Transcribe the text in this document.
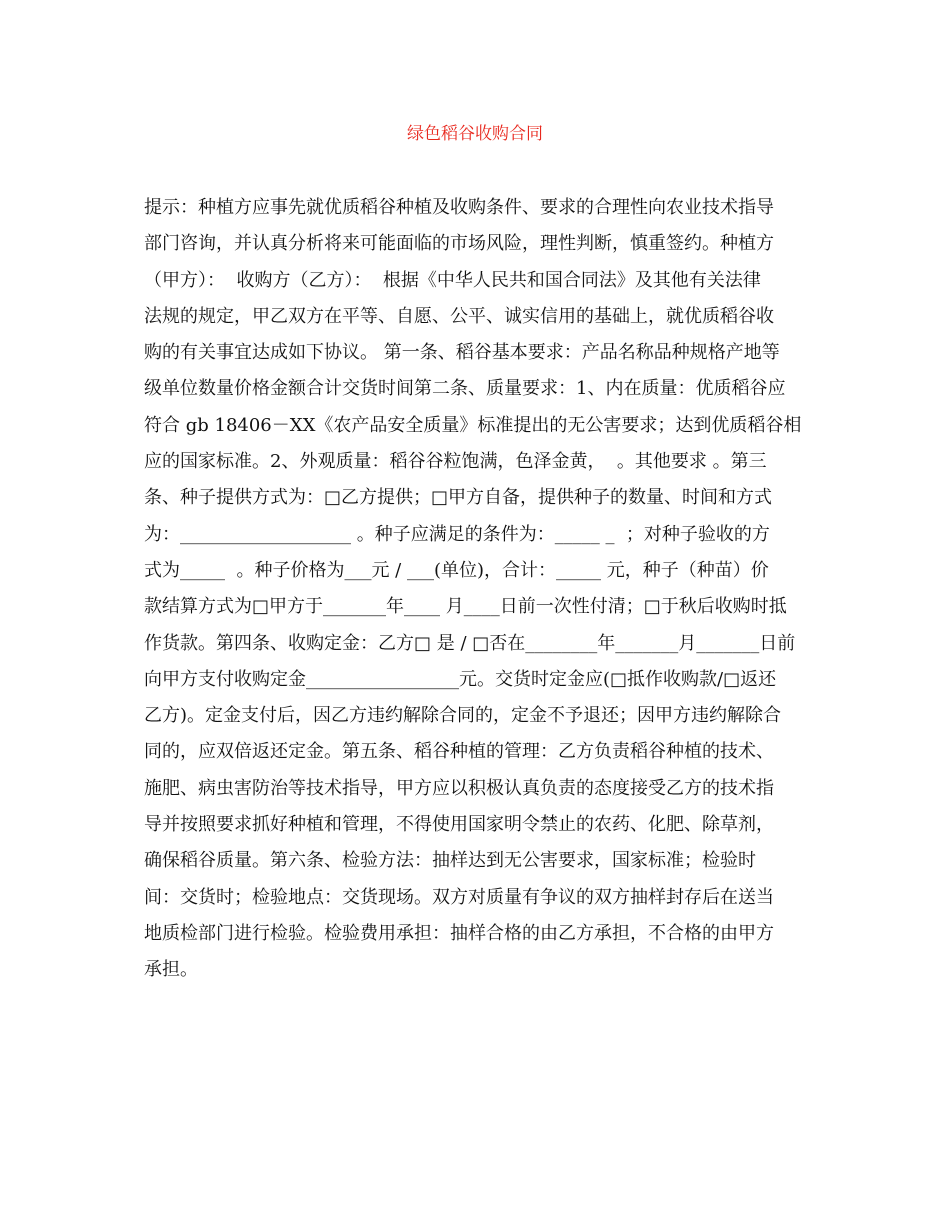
绿色稻谷收购合同
提示：种植方应事先就优质稻谷种植及收购条件、要求的合理性向农业技术指导
部门咨询，并认真分析将来可能面临的市场风险，理性判断，慎重签约。种植方
（甲方）：  收购方（乙方）：  根据《中华人民共和国合同法》及其他有关法律
法规的规定，甲乙双方在平等、自愿、公平、诚实信用的基础上，就优质稻谷收
购的有关事宜达成如下协议。 第一条、稻谷基本要求：产品名称品种规格产地等
级单位数量价格金额合计交货时间第二条、质量要求：1、内在质量：优质稻谷应
符合 gb 18406－XX《农产品安全质量》标准提出的无公害要求；达到优质稻谷相
应的国家标准。2、外观质量：稻谷谷粒饱满，色泽金黄，  。其他要求 。第三
条、种子提供方式为：□乙方提供；□甲方自备，提供种子的数量、时间和方式
为：___________________ 。种子应满足的条件为：_____ _  ；对种子验收的方
式为_____  。种子价格为___元 / ___(单位)，合计：_____ 元，种子（种苗）价
款结算方式为□甲方于_______年____ 月____日前一次性付清；□于秋后收购时抵
作货款。第四条、收购定金：乙方□ 是 / □否在________年_______月_______日前
向甲方支付收购定金_________________元。交货时定金应(□抵作收购款/□返还
乙方)。定金支付后，因乙方违约解除合同的，定金不予退还；因甲方违约解除合
同的，应双倍返还定金。第五条、稻谷种植的管理：乙方负责稻谷种植的技术、
施肥、病虫害防治等技术指导，甲方应以积极认真负责的态度接受乙方的技术指
导并按照要求抓好种植和管理，不得使用国家明令禁止的农药、化肥、除草剂，
确保稻谷质量。第六条、检验方法：抽样达到无公害要求，国家标准；检验时
间：交货时；检验地点：交货现场。双方对质量有争议的双方抽样封存后在送当
地质检部门进行检验。检验费用承担：抽样合格的由乙方承担，不合格的由甲方
承担。
